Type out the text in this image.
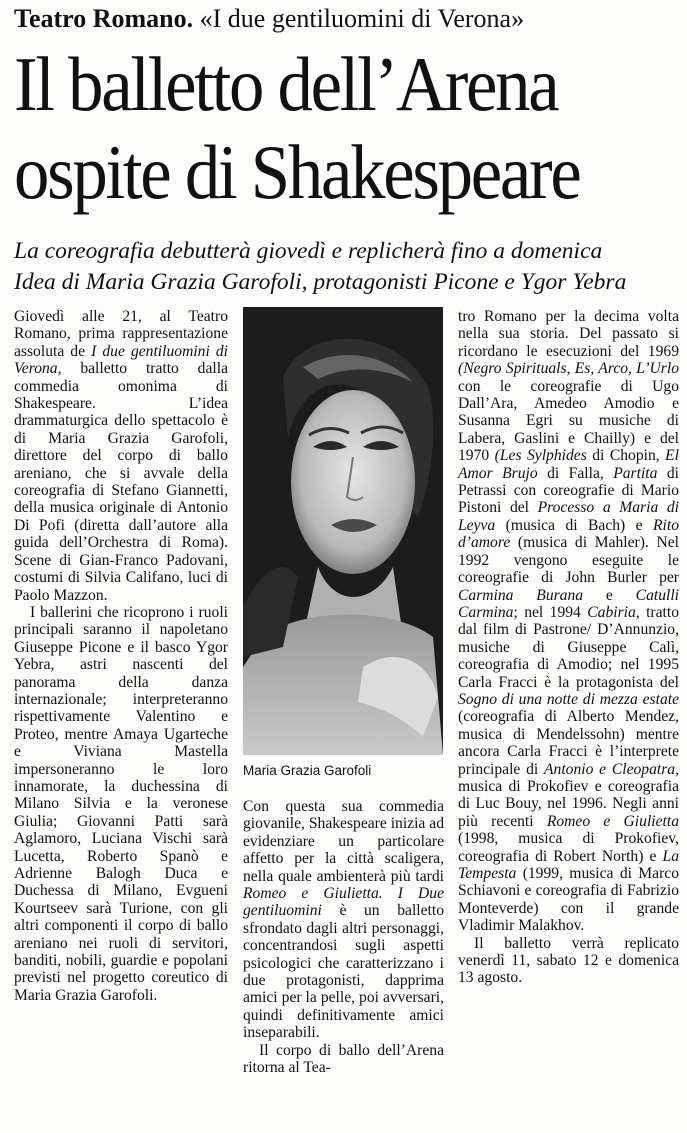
Teatro Romano. «I due gentiluomini di Verona»
Il balletto dell’Arena
ospite di Shakespeare
La coreografia debutterà giovedì e replicherà fino a domenica
Idea di Maria Grazia Garofoli, protagonisti Picone e Ygor Yebra

Giovedì alle 21, al Teatro Romano, prima rappresentazione assoluta de I due gentiluomini di Verona, balletto tratto dalla commedia omonima di Shakespeare. L’idea drammaturgica dello spettacolo è di Maria Grazia Garofoli, direttore del corpo di ballo areniano, che si avvale della coreografia di Stefano Giannetti, della musica originale di Antonio Di Pofi (diretta dall’autore alla guida dell’Orchestra di Roma). Scene di Gian-Franco Padovani, costumi di Silvia Califano, luci di Paolo Mazzon.

I ballerini che ricoprono i ruoli principali saranno il napoletano Giuseppe Picone e il basco Ygor Yebra, astri nascenti del panorama della danza internazionale; interpreteranno rispettivamente Valentino e Proteo, mentre Amaya Ugarteche e Viviana Mastella impersoneranno le loro innamorate, la duchessina di Milano Silvia e la veronese Giulia; Giovanni Patti sarà Aglamoro, Luciana Vischi sarà Lucetta, Roberto Spanò e Adrienne Balogh Duca e Duchessa di Milano, Evgueni Kourtseev sarà Turione, con gli altri componenti il corpo di ballo areniano nei ruoli di servitori, banditi, nobili, guardie e popolani previsti nel progetto coreutico di Maria Grazia Garofoli.

Maria Grazia Garofoli

Con questa sua commedia giovanile, Shakespeare inizia ad evidenziare un particolare affetto per la città scaligera, nella quale ambienterà più tardi Romeo e Giulietta. I Due gentiluomini è un balletto sfrondato dagli altri personaggi, concentrandosi sugli aspetti psicologici che caratterizzano i due protagonisti, dapprima amici per la pelle, poi avversari, quindi definitivamente amici inseparabili.

Il corpo di ballo dell’Arena ritorna al Tea-

tro Romano per la decima volta nella sua storia. Del passato si ricordano le esecuzioni del 1969 (Negro Spirituals, Es, Arco, L’Urlo con le coreografie di Ugo Dall’Ara, Amedeo Amodio e Susanna Egri su musiche di Labera, Gaslini e Chailly) e del 1970 (Les Sylphides di Chopin, El Amor Brujo di Falla, Partita di Petrassi con coreografie di Mario Pistoni del Processo a Maria di Leyva (musica di Bach) e Rito d’amore (musica di Mahler). Nel 1992 vengono eseguite le coreografie di John Burler per Carmina Burana e Catulli Carmina; nel 1994 Cabiria, tratto dal film di Pastrone/ D’Annunzio, musiche di Giuseppe Calì, coreografia di Amodio; nel 1995 Carla Fracci è la protagonista del Sogno di una notte di mezza estate (coreografia di Alberto Mendez, musica di Mendelssohn) mentre ancora Carla Fracci è l’interprete principale di Antonio e Cleopatra, musica di Prokofiev e coreografia di Luc Bouy, nel 1996. Negli anni più recenti Romeo e Giulietta (1998, musica di Prokofiev, coreografia di Robert North) e La Tempesta (1999, musica di Marco Schiavoni e coreografia di Fabrizio Monteverde) con il grande Vladimir Malakhov.

Il balletto verrà replicato venerdì 11, sabato 12 e domenica 13 agosto.
